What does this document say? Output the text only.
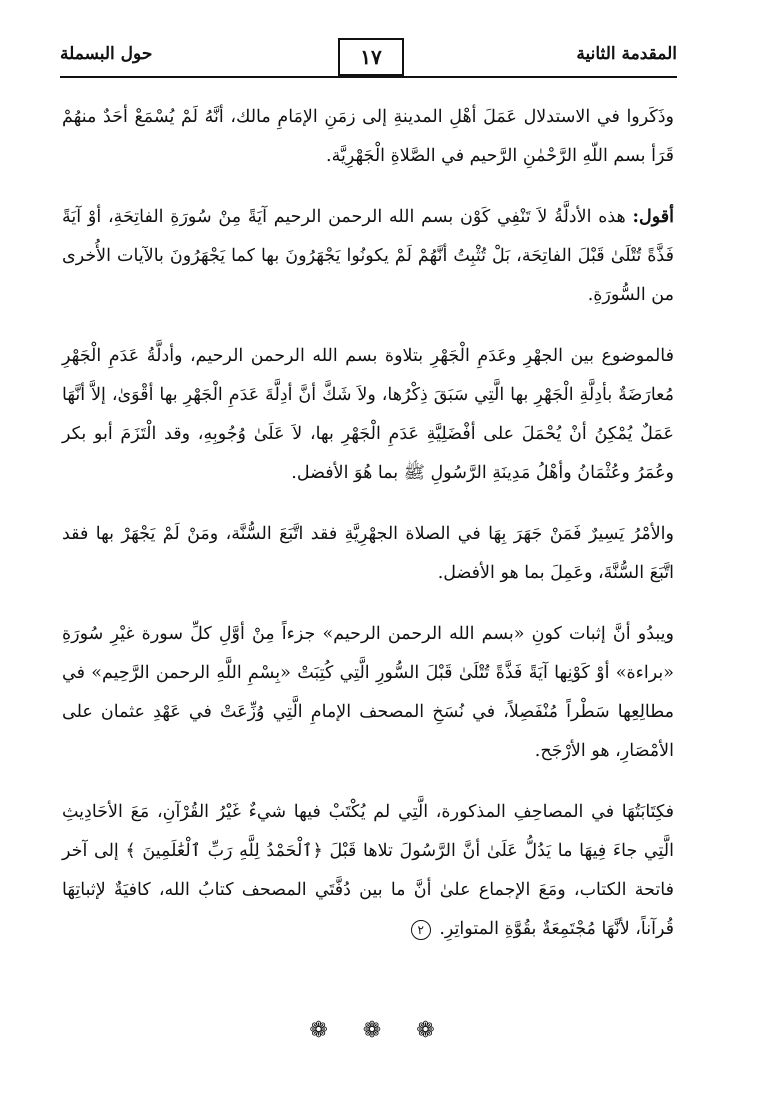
حول البسملة	١٧	المقدمة الثانية

وذَكَروا في الاستدلال عَمَلَ أهْلِ المدينةِ إلى زمَنِ الإمَامِ مالك، أنَّهُ لَمْ يُسْمَعْ أحَدٌ منهُمْ قَرَأ بسم اللّهِ الرَّحْمٰنِ الرَّحيم في الصَّلاةِ الْجَهْرِيَّة.

أقول: هذه الأدلَّةُ لاَ تَنْفِي كَوْن بسم الله الرحمن الرحيم آيَةً مِنْ سُورَةِ الفاتِحَةِ، أوْ آيَةً فَذَّةً تُتْلَىٰ قَبْلَ الفاتِحَة، بَلْ تُثْبِتُ أنَّهُمْ لَمْ يكونُوا يَجْهَرُونَ بها كما يَجْهَرُونَ بالآيات الأُخرى من السُّورَةِ.

فالموضوع بين الجهْرِ وعَدَمِ الْجَهْرِ بتلاوة بسم الله الرحمن الرحيم، وأدلَّةُ عَدَمِ الْجَهْرِ مُعارَضَةٌ بأدِلَّةِ الْجَهْرِ بها الَّتِي سَبَقَ ذِكْرُها، ولاَ شَكَّ أنَّ أدِلَّةَ عَدَمِ الْجَهْرِ بها أقْوَىٰ، إلاَّ أنَّهَا عَمَلٌ يُمْكِنُ أنْ يُحْمَلَ على أفْضَلِيَّةِ عَدَمِ الْجَهْرِ بها، لاَ عَلَىٰ وُجُوبِهِ، وقد الْتَزَمَ أبو بكر وعُمَرُ وعُثْمَانُ وأهْلُ مَدِينَةِ الرَّسُولِ ﷺ بما هُوَ الأفضل.

والأمْرُ يَسِيرٌ فَمَنْ جَهَرَ بِهَا في الصلاة الجهْرِيَّةِ فقد اتَّبَعَ السُّنَّة، ومَنْ لَمْ يَجْهَرْ بها فقد اتَّبَعَ السُّنَّةَ، وعَمِلَ بما هو الأفضل.

ويبدُو أنَّ إثبات كونِ «بسم الله الرحمن الرحيم» جزءاً مِنْ أوَّلِ كلِّ سورة غيْرِ سُورَةِ «براءة» أوْ كَوْنِها آيَةً فَذَّةً تُتْلَىٰ قَبْلَ السُّورِ الَّتِي كُتِبَتْ «بِسْمِ اللَّهِ الرحمن الرَّحِيم» في مطالِعِها سَطْراً مُنْفَصِلاً، في نُسَخِ المصحف الإمامِ الَّتِي وُزِّعَتْ في عَهْدِ عثمان على الأمْصَارِ، هو الأرْجَح.

فكِتَابَتُهَا في المصاحِفِ المذكورة، الَّتِي لم يُكْتَبْ فيها شيءٌ غَيْرُ القُرْآنِ، مَعَ الأحَادِيثِ الَّتِي جاءَ فِيهَا ما يَدُلُّ عَلَىٰ أنَّ الرَّسُولَ تلاها قَبْلَ ﴿ٱلْحَمْدُ لِلَّهِ رَبِّ ٱلْعَٰلَمِينَ ﴾ إلى آخر فاتحة الكتاب، ومَعَ الإجماع علىٰ أنَّ ما بين دُفَّتَي المصحف كتابُ الله، كافيَةٌ لإثباتِهَا قُرآناً، لأنَّهَا مُجْتَمِعَةٌ بقُوَّةِ المتواتِرِ. ٢

❁ ❁ ❁
